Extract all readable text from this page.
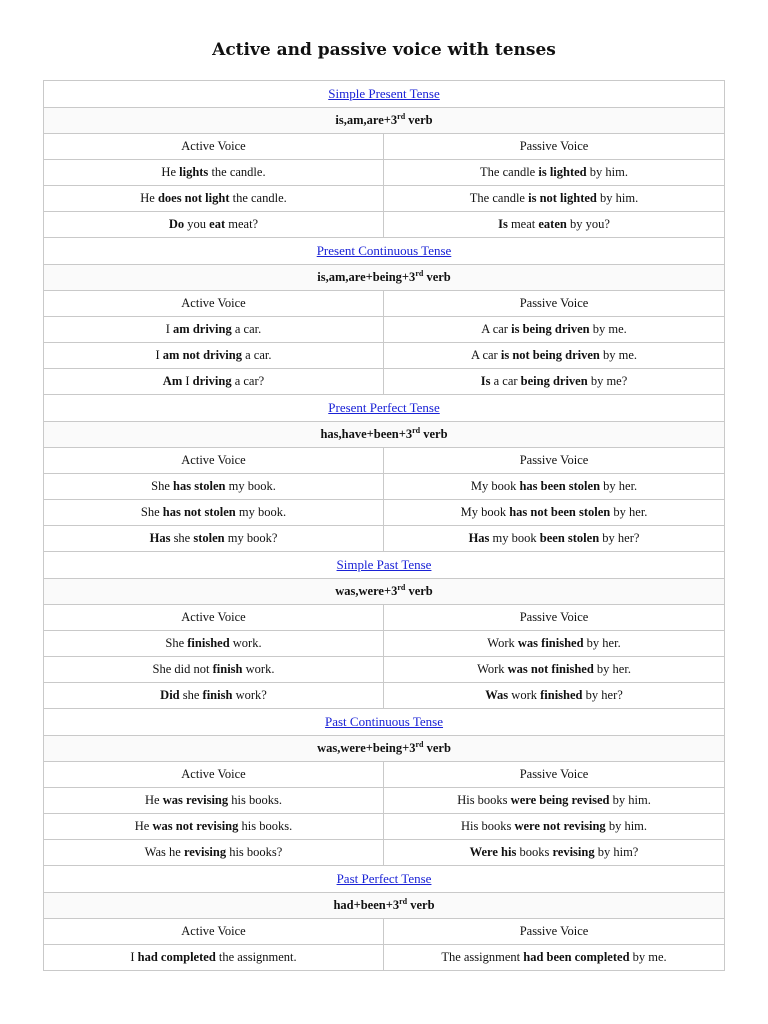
Active and passive voice with tenses
Simple Present Tense	
is,am,are+3rd verb	
Active Voice	Passive Voice
He lights the candle.	The candle is lighted by him.
He does not light the candle.	The candle is not lighted by him.
Do you eat meat?	Is meat eaten by you?
Present Continuous Tense	
is,am,are+being+3rd verb	
Active Voice	Passive Voice
I am driving a car.	A car is being driven by me.
I am not driving a car.	A car is not being driven by me.
Am I driving a car?	Is a car being driven by me?
Present Perfect Tense	
has,have+been+3rd verb	
Active Voice	Passive Voice
She has stolen my book.	My book has been stolen by her.
She has not stolen my book.	My book has not been stolen by her.
Has she stolen my book?	Has my book been stolen by her?
Simple Past Tense	
was,were+3rd verb	
Active Voice	Passive Voice
She finished work.	Work was finished by her.
She did not finish work.	Work was not finished by her.
Did she finish work?	Was work finished by her?
Past Continuous Tense	
was,were+being+3rd verb	
Active Voice	Passive Voice
He was revising his books.	His books were being revised by him.
He was not revising his books.	His books were not revising by him.
Was he revising his books?	Were his books revising by him?
Past Perfect Tense	
had+been+3rd verb	
Active Voice	Passive Voice
I had completed the assignment.	The assignment had been completed by me.
